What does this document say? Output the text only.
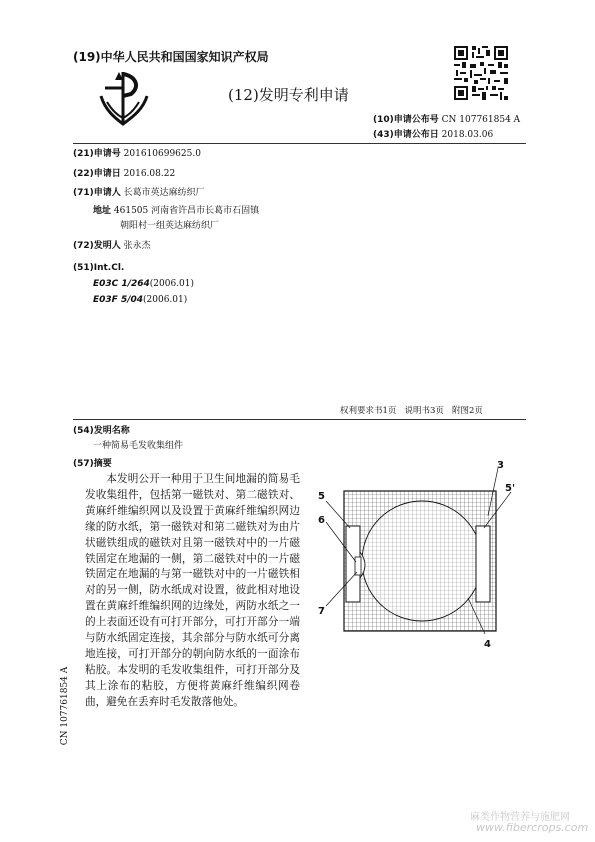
(19)中华人民共和国国家知识产权局
(12)发明专利申请
(10)申请公布号 CN 107761854 A
(43)申请公布日 2018.03.06
(21)申请号 201610699625.0
(22)申请日 2016.08.22
(71)申请人 长葛市英达麻纺织厂
地址 461505 河南省许昌市长葛市石固镇
朝阳村一组英达麻纺织厂
(72)发明人 张永杰
(51)Int.Cl.
E03C 1/264(2006.01)
E03F 5/04(2006.01)
权利要求书1页   说明书3页   附图2页
(54)发明名称
一种简易毛发收集组件
(57)摘要

本发明公开一种用于卫生间地漏的简易毛发收集组件，包括第一磁铁对、第二磁铁对、黄麻纤维编织网以及设置于黄麻纤维编织网边缘的防水纸，第一磁铁对和第二磁铁对为由片状磁铁组成的磁铁对且第一磁铁对中的一片磁铁固定在地漏的一侧，第二磁铁对中的一片磁铁固定在地漏的与第一磁铁对中的一片磁铁相对的另一侧，防水纸成对设置，彼此相对地设置在黄麻纤维编织网的边缘处，两防水纸之一的上表面还设有可打开部分，可打开部分一端与防水纸固定连接，其余部分与防水纸可分离地连接，可打开部分的朝向防水纸的一面涂布粘胶。本发明的毛发收集组件，可打开部分及其上涂布的粘胶，方便将黄麻纤维编织网卷曲，避免在丢弃时毛发散落他处。

3
5
5'
6
7
4
CN 107761854 A
麻类作物营养与施肥网
www.fibercrops.com
